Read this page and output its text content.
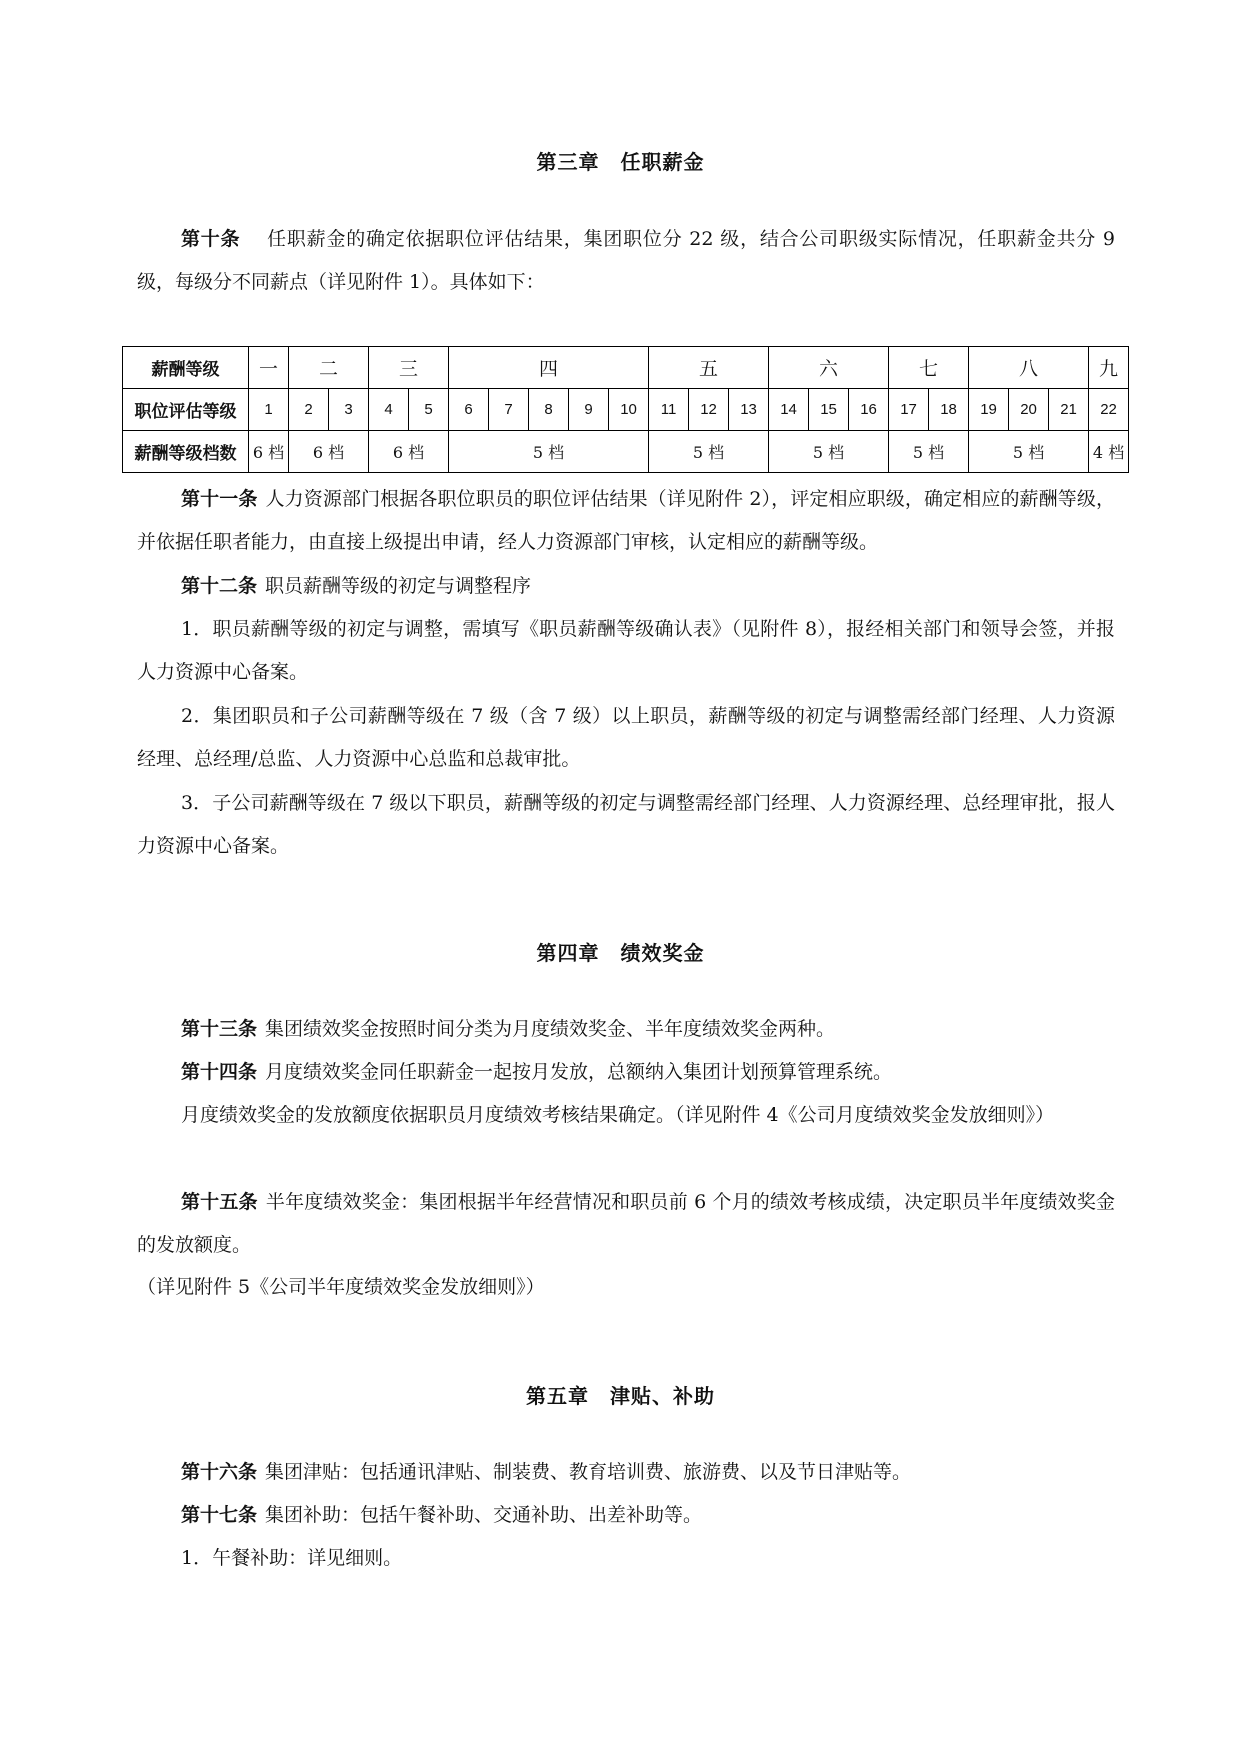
第三章　任职薪金
第十条 任职薪金的确定依据职位评估结果，集团职位分 22 级，结合公司职级实际情况，任职薪金共分 9 级，每级分不同薪点（详见附件 1）。具体如下：
薪酬等级	一	二		三		四					五			六			七		八			九
职位评估等级	1	2	3	4	5	6	7	8	9	10	11	12	13	14	15	16	17	18	19	20	21	22
薪酬等级档数	6 档	6 档		6 档		5 档					5 档			5 档			5 档		5 档			4 档
第十一条 人力资源部门根据各职位职员的职位评估结果（详见附件 2），评定相应职级，确定相应的薪酬等级，并依据任职者能力，由直接上级提出申请，经人力资源部门审核，认定相应的薪酬等级。
第十二条 职员薪酬等级的初定与调整程序
1．职员薪酬等级的初定与调整，需填写《职员薪酬等级确认表》（见附件 8），报经相关部门和领导会签，并报人力资源中心备案。
2．集团职员和子公司薪酬等级在 7 级（含 7 级）以上职员，薪酬等级的初定与调整需经部门经理、人力资源经理、总经理/总监、人力资源中心总监和总裁审批。
3．子公司薪酬等级在 7 级以下职员，薪酬等级的初定与调整需经部门经理、人力资源经理、总经理审批，报人力资源中心备案。
第四章　绩效奖金
第十三条 集团绩效奖金按照时间分类为月度绩效奖金、半年度绩效奖金两种。
第十四条 月度绩效奖金同任职薪金一起按月发放，总额纳入集团计划预算管理系统。
月度绩效奖金的发放额度依据职员月度绩效考核结果确定。（详见附件 4《公司月度绩效奖金发放细则》）
第十五条 半年度绩效奖金：集团根据半年经营情况和职员前 6 个月的绩效考核成绩，决定职员半年度绩效奖金的发放额度。
（详见附件 5《公司半年度绩效奖金发放细则》）
第五章　津贴、补助
第十六条 集团津贴：包括通讯津贴、制装费、教育培训费、旅游费、以及节日津贴等。
第十七条 集团补助：包括午餐补助、交通补助、出差补助等。
1．午餐补助：详见细则。
